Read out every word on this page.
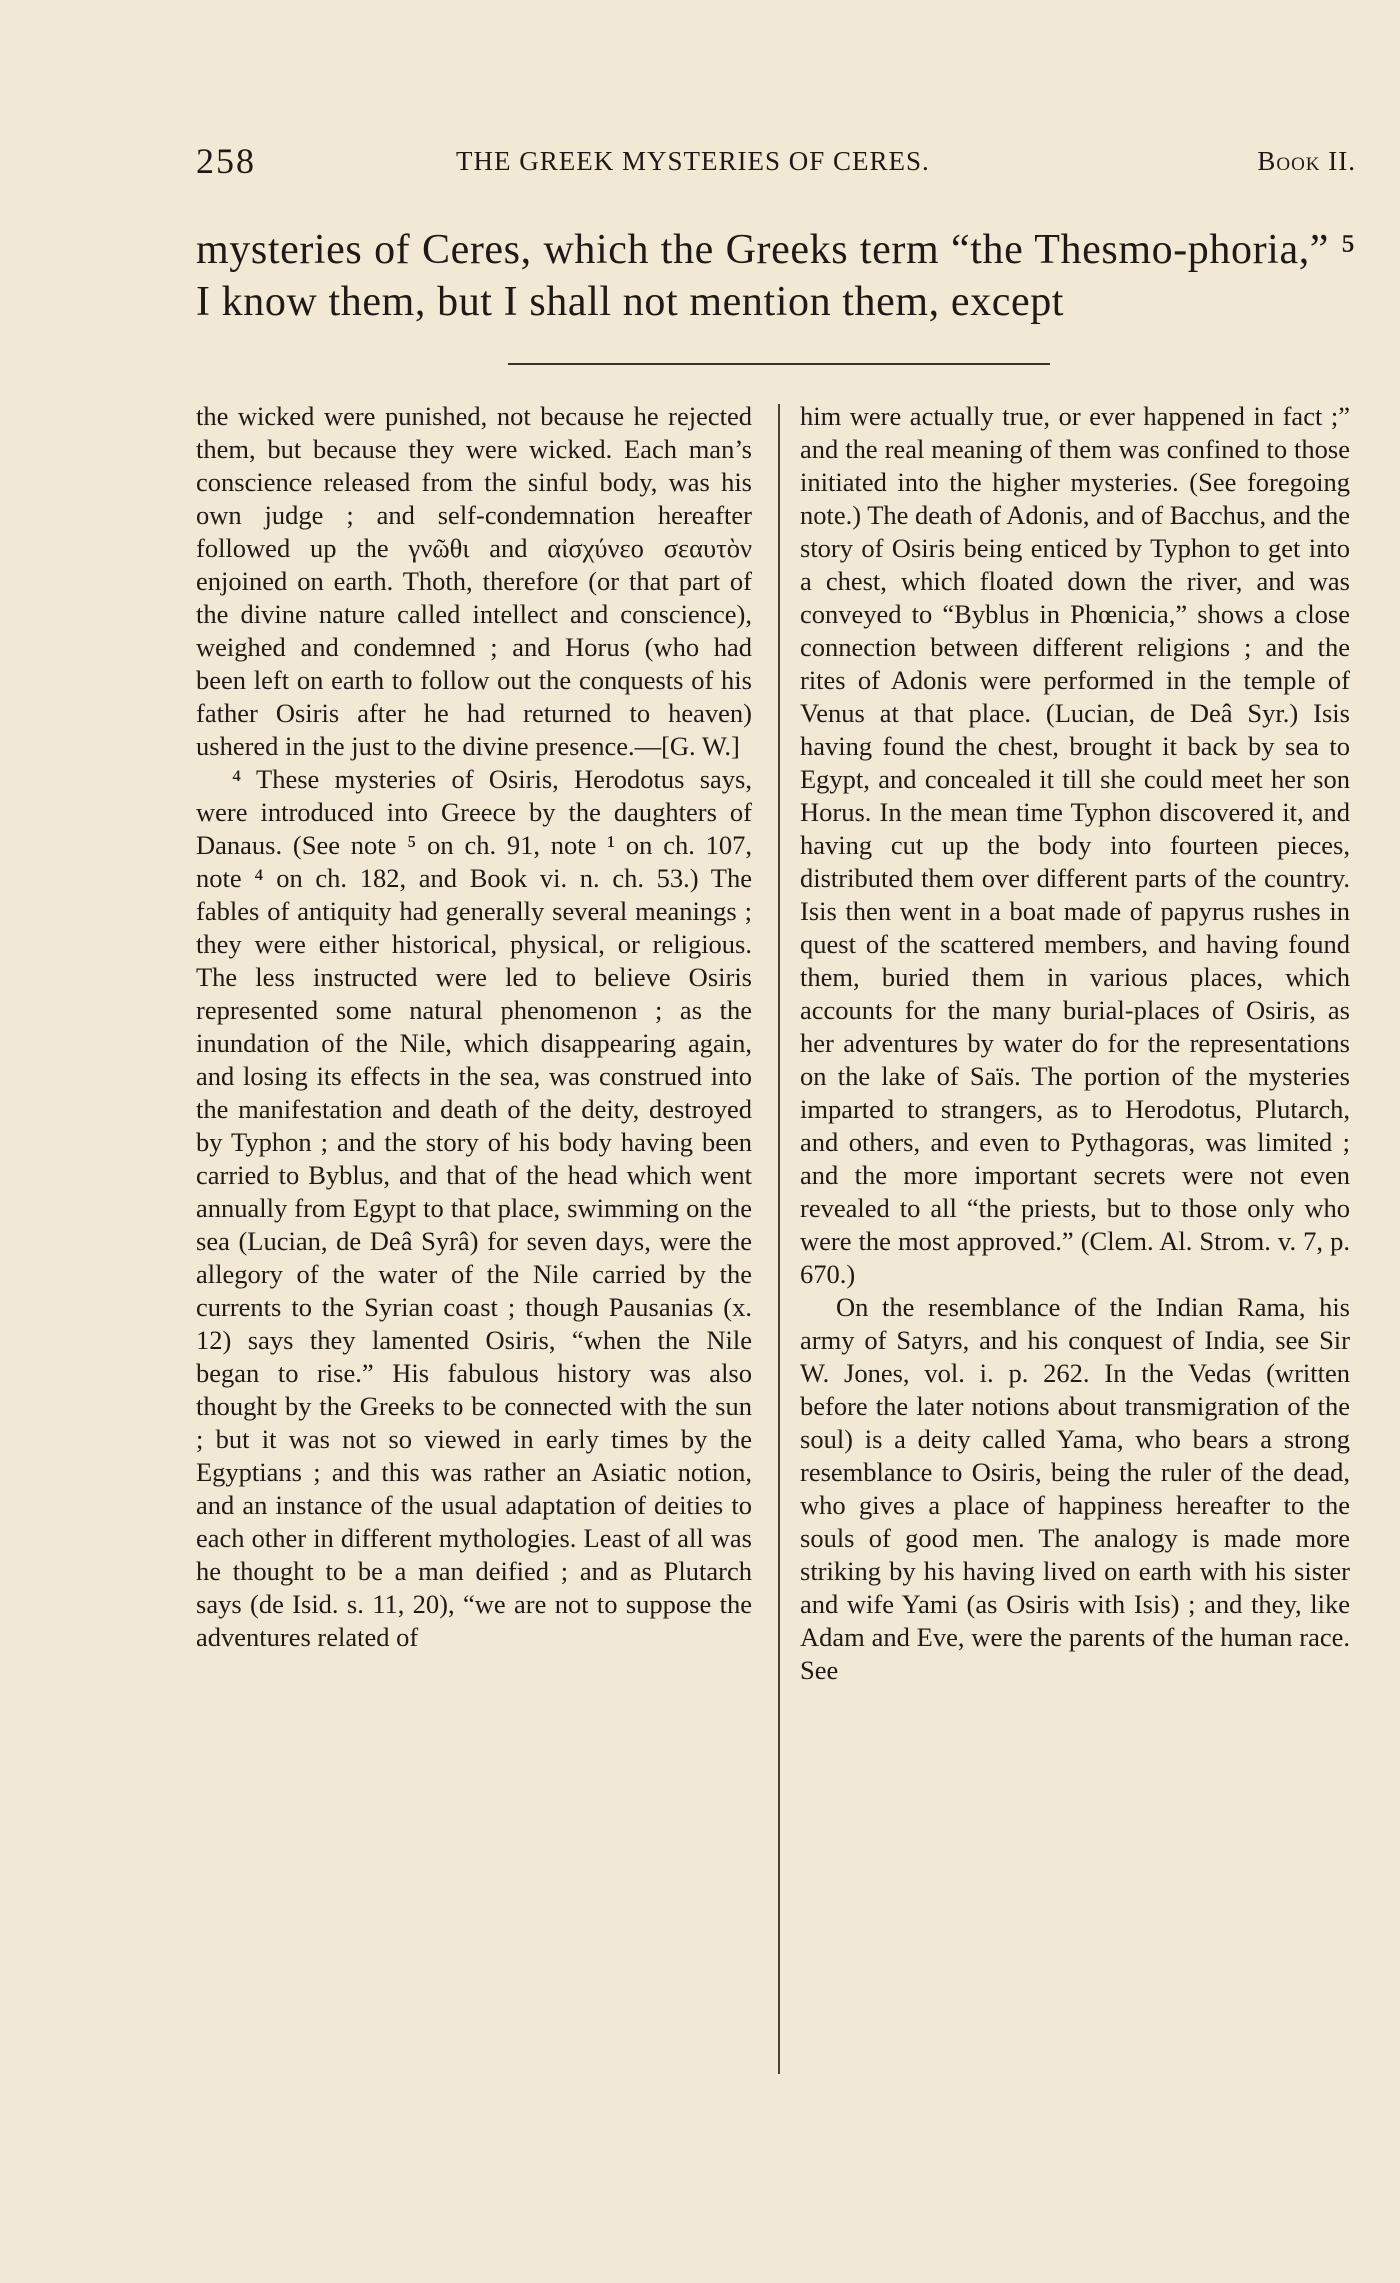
258	THE GREEK MYSTERIES OF CERES.	Book II.

mysteries of Ceres, which the Greeks term “the Thesmo-phoria,” ⁵ I know them, but I shall not mention them, except

the wicked were punished, not because he rejected them, but because they were wicked. Each man’s conscience released from the sinful body, was his own judge ; and self-condemnation hereafter followed up the γνῶθι and αἰσχύνεο σεαυτὸν enjoined on earth. Thoth, therefore (or that part of the divine nature called intellect and conscience), weighed and condemned ; and Horus (who had been left on earth to follow out the conquests of his father Osiris after he had returned to heaven) ushered in the just to the divine presence.—[G. W.]

⁴ These mysteries of Osiris, Herodotus says, were introduced into Greece by the daughters of Danaus. (See note ⁵ on ch. 91, note ¹ on ch. 107, note ⁴ on ch. 182, and Book vi. n. ch. 53.) The fables of antiquity had generally several meanings ; they were either historical, physical, or religious. The less instructed were led to believe Osiris represented some natural phenomenon ; as the inundation of the Nile, which disappearing again, and losing its effects in the sea, was construed into the manifestation and death of the deity, destroyed by Typhon ; and the story of his body having been carried to Byblus, and that of the head which went annually from Egypt to that place, swimming on the sea (Lucian, de Deâ Syrâ) for seven days, were the allegory of the water of the Nile carried by the currents to the Syrian coast ; though Pausanias (x. 12) says they lamented Osiris, “when the Nile began to rise.” His fabulous history was also thought by the Greeks to be connected with the sun ; but it was not so viewed in early times by the Egyptians ; and this was rather an Asiatic notion, and an instance of the usual adaptation of deities to each other in different mythologies. Least of all was he thought to be a man deified ; and as Plutarch says (de Isid. s. 11, 20), “we are not to suppose the adventures related of

him were actually true, or ever happened in fact ;” and the real meaning of them was confined to those initiated into the higher mysteries. (See foregoing note.) The death of Adonis, and of Bacchus, and the story of Osiris being enticed by Typhon to get into a chest, which floated down the river, and was conveyed to “Byblus in Phœnicia,” shows a close connection between different religions ; and the rites of Adonis were performed in the temple of Venus at that place. (Lucian, de Deâ Syr.) Isis having found the chest, brought it back by sea to Egypt, and concealed it till she could meet her son Horus. In the mean time Typhon discovered it, and having cut up the body into fourteen pieces, distributed them over different parts of the country. Isis then went in a boat made of papyrus rushes in quest of the scattered members, and having found them, buried them in various places, which accounts for the many burial-places of Osiris, as her adventures by water do for the representations on the lake of Saïs. The portion of the mysteries imparted to strangers, as to Herodotus, Plutarch, and others, and even to Pythagoras, was limited ; and the more important secrets were not even revealed to all “the priests, but to those only who were the most approved.” (Clem. Al. Strom. v. 7, p. 670.)

On the resemblance of the Indian Rama, his army of Satyrs, and his conquest of India, see Sir W. Jones, vol. i. p. 262. In the Vedas (written before the later notions about transmigration of the soul) is a deity called Yama, who bears a strong resemblance to Osiris, being the ruler of the dead, who gives a place of happiness hereafter to the souls of good men. The analogy is made more striking by his having lived on earth with his sister and wife Yami (as Osiris with Isis) ; and they, like Adam and Eve, were the parents of the human race. See
